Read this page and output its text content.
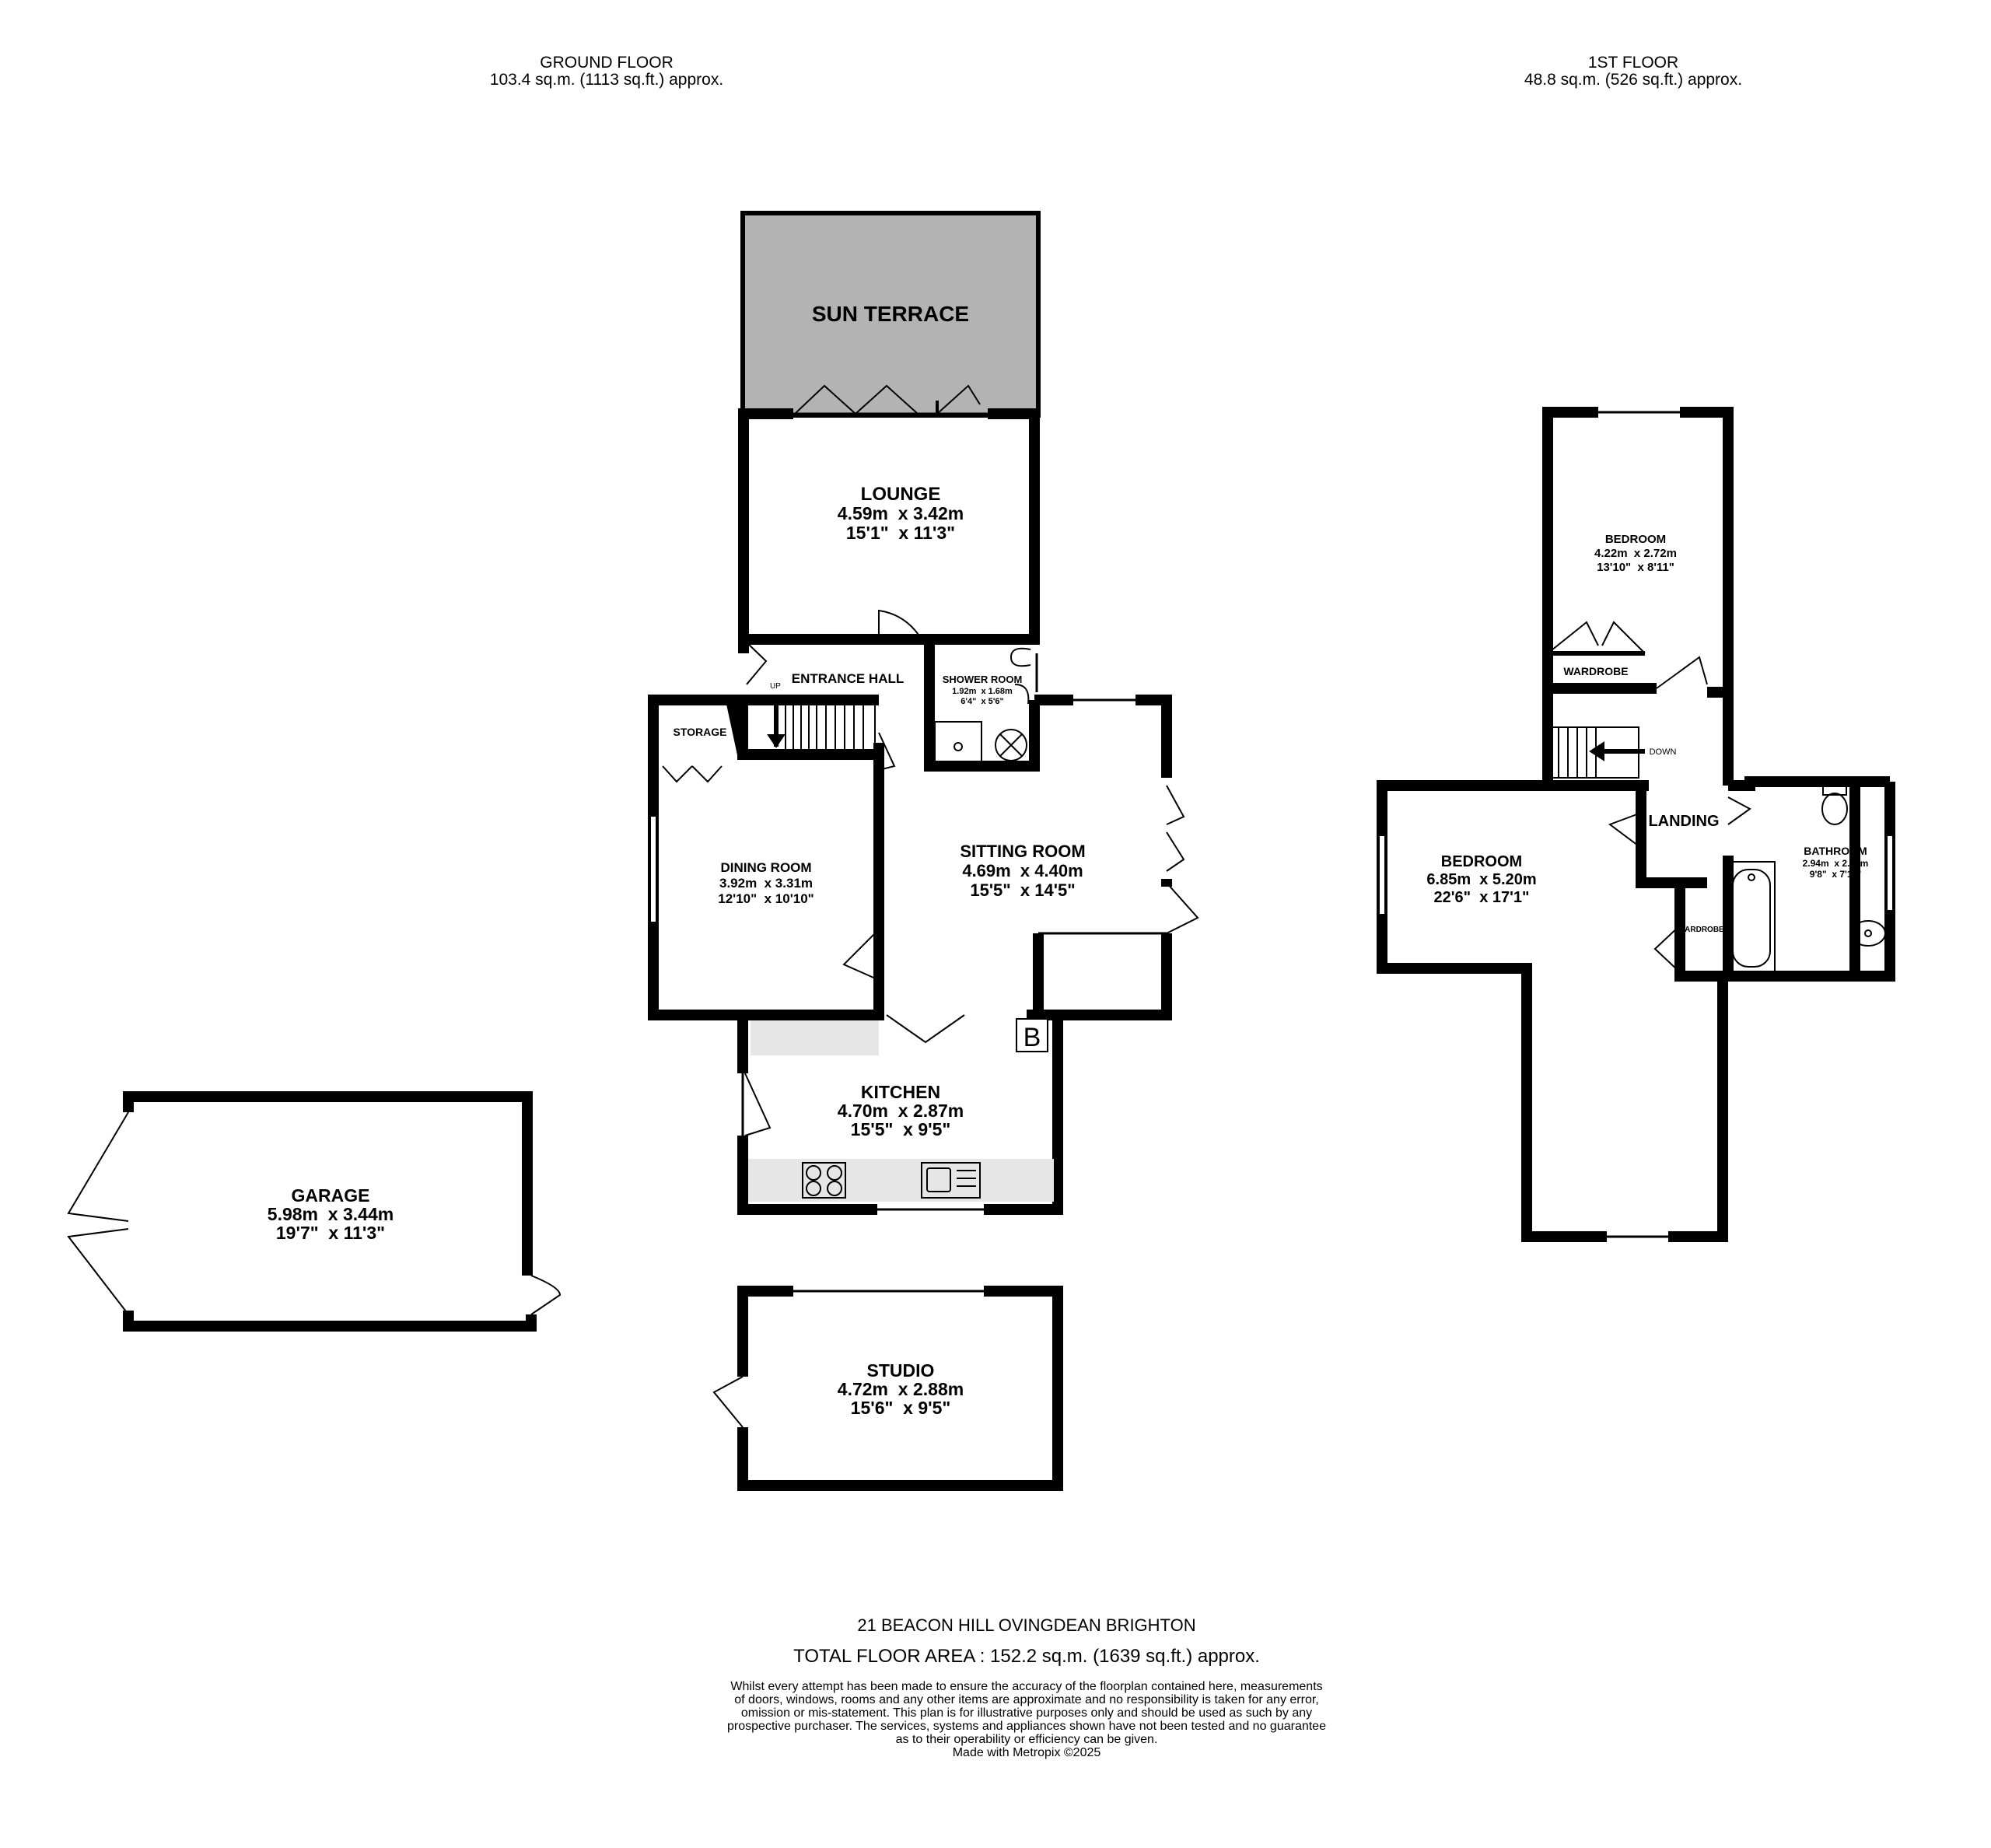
GROUND FLOOR
103.4 sq.m. (1113 sq.ft.) approx.
1ST FLOOR
48.8 sq.m. (526 sq.ft.) approx.
SUN TERRACE
LOUNGE
4.59m  x 3.42m
15'1"  x 11'3"
ENTRANCE HALL
UP
SHOWER ROOM
1.92m  x 1.68m
6'4"  x 5'6"
STORAGE
DINING ROOM
3.92m  x 3.31m
12'10"  x 10'10"
SITTING ROOM
4.69m  x 4.40m
15'5"  x 14'5"
B
KITCHEN
4.70m  x 2.87m
15'5"  x 9'5"
GARAGE
5.98m  x 3.44m
19'7"  x 11'3"
STUDIO
4.72m  x 2.88m
15'6"  x 9'5"
BEDROOM
4.22m  x 2.72m
13'10"  x 8'11"
WARDROBE
DOWN
LANDING
BEDROOM
6.85m  x 5.20m
22'6"  x 17'1"
BATHROOM
2.94m  x 2.41m
9'8"  x 7'11"
WARDROBE
21 BEACON HILL OVINGDEAN BRIGHTON
TOTAL FLOOR AREA : 152.2 sq.m. (1639 sq.ft.) approx.
Whilst every attempt has been made to ensure the accuracy of the floorplan contained here, measurements
of doors, windows, rooms and any other items are approximate and no responsibility is taken for any error,
omission or mis-statement. This plan is for illustrative purposes only and should be used as such by any
prospective purchaser. The services, systems and appliances shown have not been tested and no guarantee
as to their operability or efficiency can be given.
Made with Metropix ©2025
